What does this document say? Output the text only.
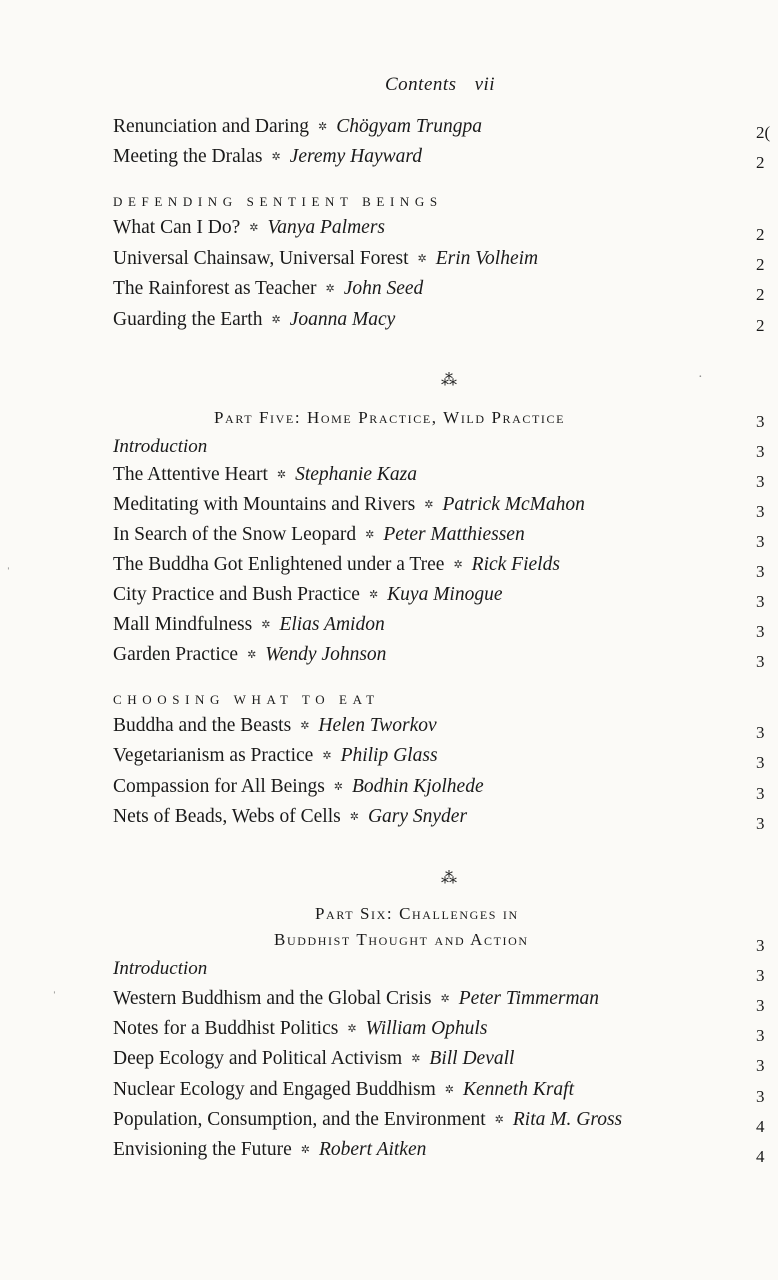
Contents vii
Renunciation and Daring ✲ Chögyam Trungpa	2(
Meeting the Dralas ✲ Jeremy Hayward	2
DEFENDING SENTIENT BEINGS
What Can I Do? ✲ Vanya Palmers	2
Universal Chainsaw, Universal Forest ✲ Erin Volheim	2
The Rainforest as Teacher ✲ John Seed	2
Guarding the Earth ✲ Joanna Macy	2
⁂	·
Part Five: Home Practice, Wild Practice	3
Introduction	3
The Attentive Heart ✲ Stephanie Kaza	3
Meditating with Mountains and Rivers ✲ Patrick McMahon	3
In Search of the Snow Leopard ✲ Peter Matthiessen	3
The Buddha Got Enlightened under a Tree ✲ Rick Fields	3
City Practice and Bush Practice ✲ Kuya Minogue	3
Mall Mindfulness ✲ Elias Amidon	3
Garden Practice ✲ Wendy Johnson	3
CHOOSING WHAT TO EAT
Buddha and the Beasts ✲ Helen Tworkov	3
Vegetarianism as Practice ✲ Philip Glass	3
Compassion for All Beings ✲ Bodhin Kjolhede	3
Nets of Beads, Webs of Cells ✲ Gary Snyder	3
⁂
Part Six: Challenges in
Buddhist Thought and Action	3
Introduction	3
Western Buddhism and the Global Crisis ✲ Peter Timmerman	3
Notes for a Buddhist Politics ✲ William Ophuls	3
Deep Ecology and Political Activism ✲ Bill Devall	3
Nuclear Ecology and Engaged Buddhism ✲ Kenneth Kraft	3
Population, Consumption, and the Environment ✲ Rita M. Gross	4
Envisioning the Future ✲ Robert Aitken	4
ˈ
ˈ
